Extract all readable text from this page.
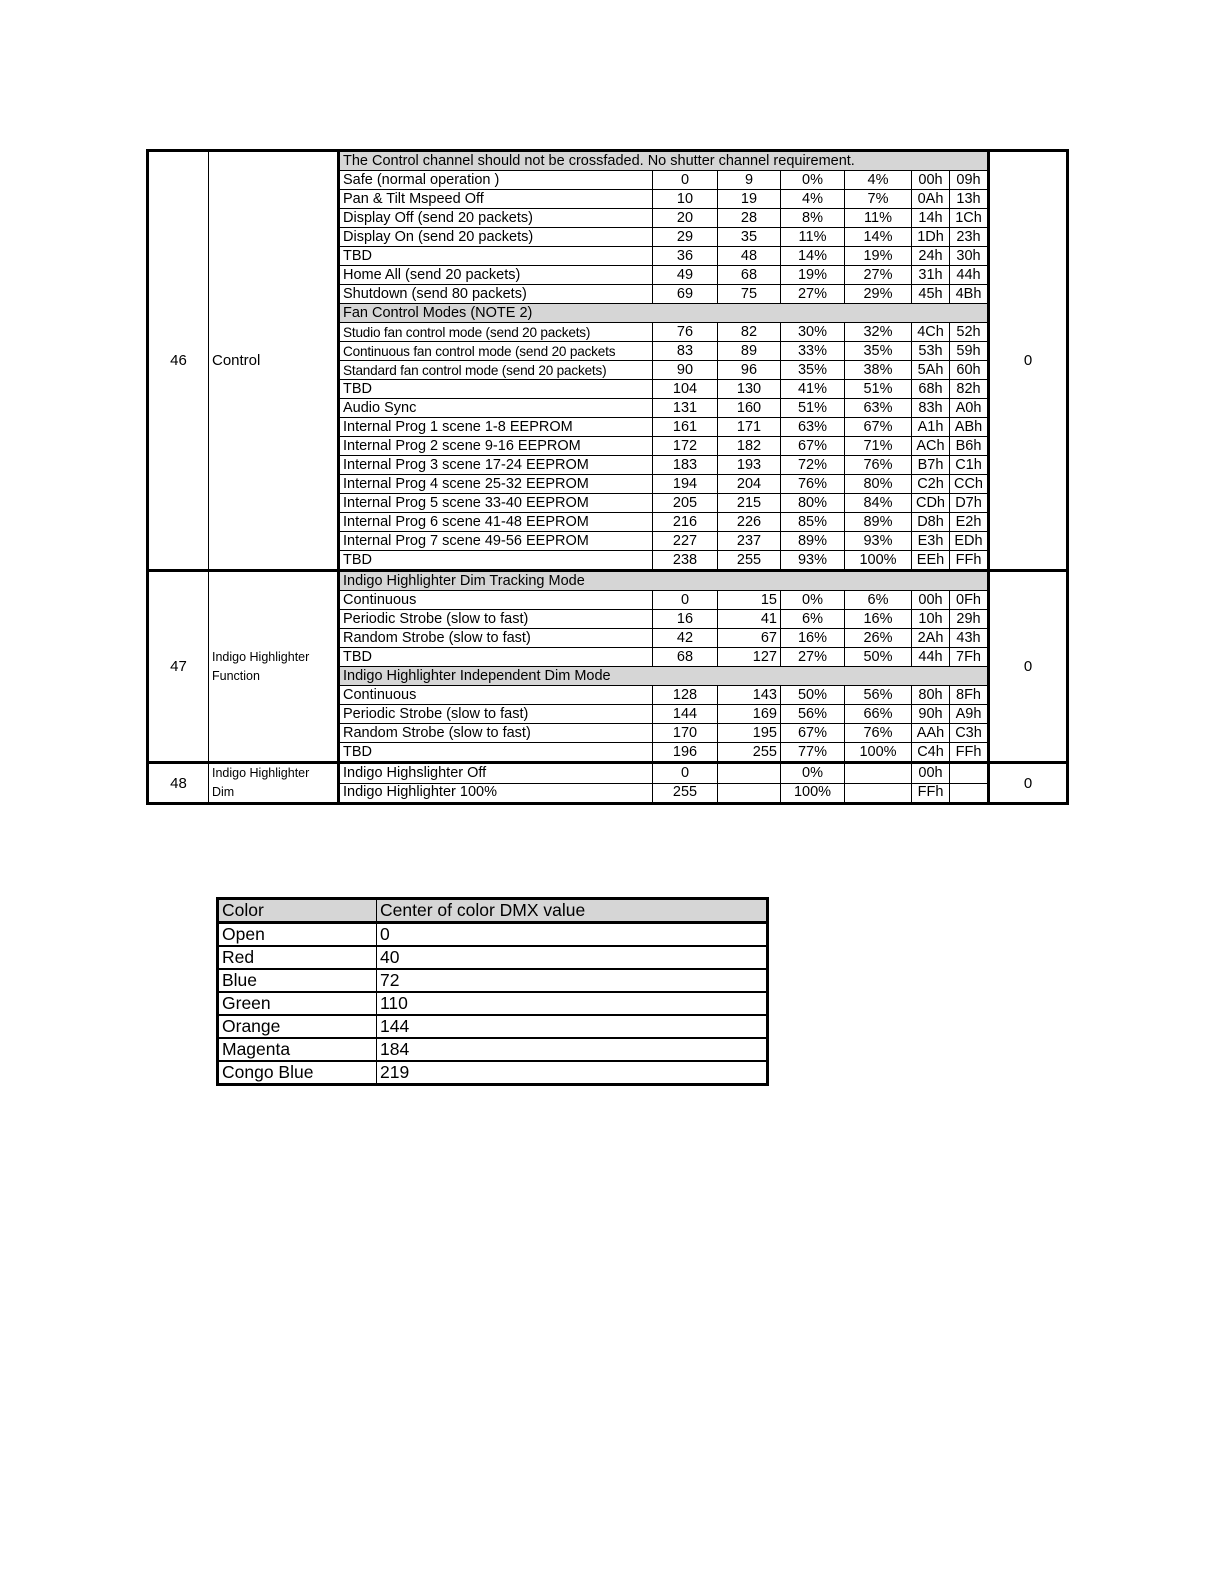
46	Control	The Control channel should not be crossfaded. No shutter channel requirement.							0
		Safe (normal operation )	0	9	0%	4%	00h	09h	
		Pan & Tilt Mspeed Off	10	19	4%	7%	0Ah	13h	
		Display Off (send 20 packets)	20	28	8%	11%	14h	1Ch	
		Display On (send 20 packets)	29	35	11%	14%	1Dh	23h	
		TBD	36	48	14%	19%	24h	30h	
		Home All (send 20 packets)	49	68	19%	27%	31h	44h	
		Shutdown (send 80 packets)	69	75	27%	29%	45h	4Bh	
		Fan Control Modes (NOTE 2)							
		Studio fan control mode (send 20 packets)	76	82	30%	32%	4Ch	52h	
		Continuous fan control mode (send 20 packets	83	89	33%	35%	53h	59h	
		Standard fan control mode (send 20 packets)	90	96	35%	38%	5Ah	60h	
		TBD	104	130	41%	51%	68h	82h	
		Audio Sync	131	160	51%	63%	83h	A0h	
		Internal Prog 1 scene 1-8 EEPROM	161	171	63%	67%	A1h	ABh	
		Internal Prog 2 scene 9-16 EEPROM	172	182	67%	71%	ACh	B6h	
		Internal Prog 3 scene 17-24 EEPROM	183	193	72%	76%	B7h	C1h	
		Internal Prog 4 scene 25-32 EEPROM	194	204	76%	80%	C2h	CCh	
		Internal Prog 5 scene 33-40 EEPROM	205	215	80%	84%	CDh	D7h	
		Internal Prog 6 scene 41-48 EEPROM	216	226	85%	89%	D8h	E2h	
		Internal Prog 7 scene 49-56 EEPROM	227	237	89%	93%	E3h	EDh	
		TBD	238	255	93%	100%	EEh	FFh	
47	Indigo Highlighter Function	Indigo Highlighter Dim Tracking Mode							0
		Continuous	0	15	0%	6%	00h	0Fh	
		Periodic Strobe (slow to fast)	16	41	6%	16%	10h	29h	
		Random Strobe (slow to fast)	42	67	16%	26%	2Ah	43h	
		TBD	68	127	27%	50%	44h	7Fh	
		Indigo Highlighter Independent Dim Mode							
		Continuous	128	143	50%	56%	80h	8Fh	
		Periodic Strobe (slow to fast)	144	169	56%	66%	90h	A9h	
		Random Strobe (slow to fast)	170	195	67%	76%	AAh	C3h	
		TBD	196	255	77%	100%	C4h	FFh	
48	Indigo Highlighter Dim	Indigo Highslighter Off	0		0%		00h		0
		Indigo Highlighter 100%	255		100%		FFh		
Color	Center of color DMX value
Open	0
Red	40
Blue	72
Green	110
Orange	144
Magenta	184
Congo Blue	219
